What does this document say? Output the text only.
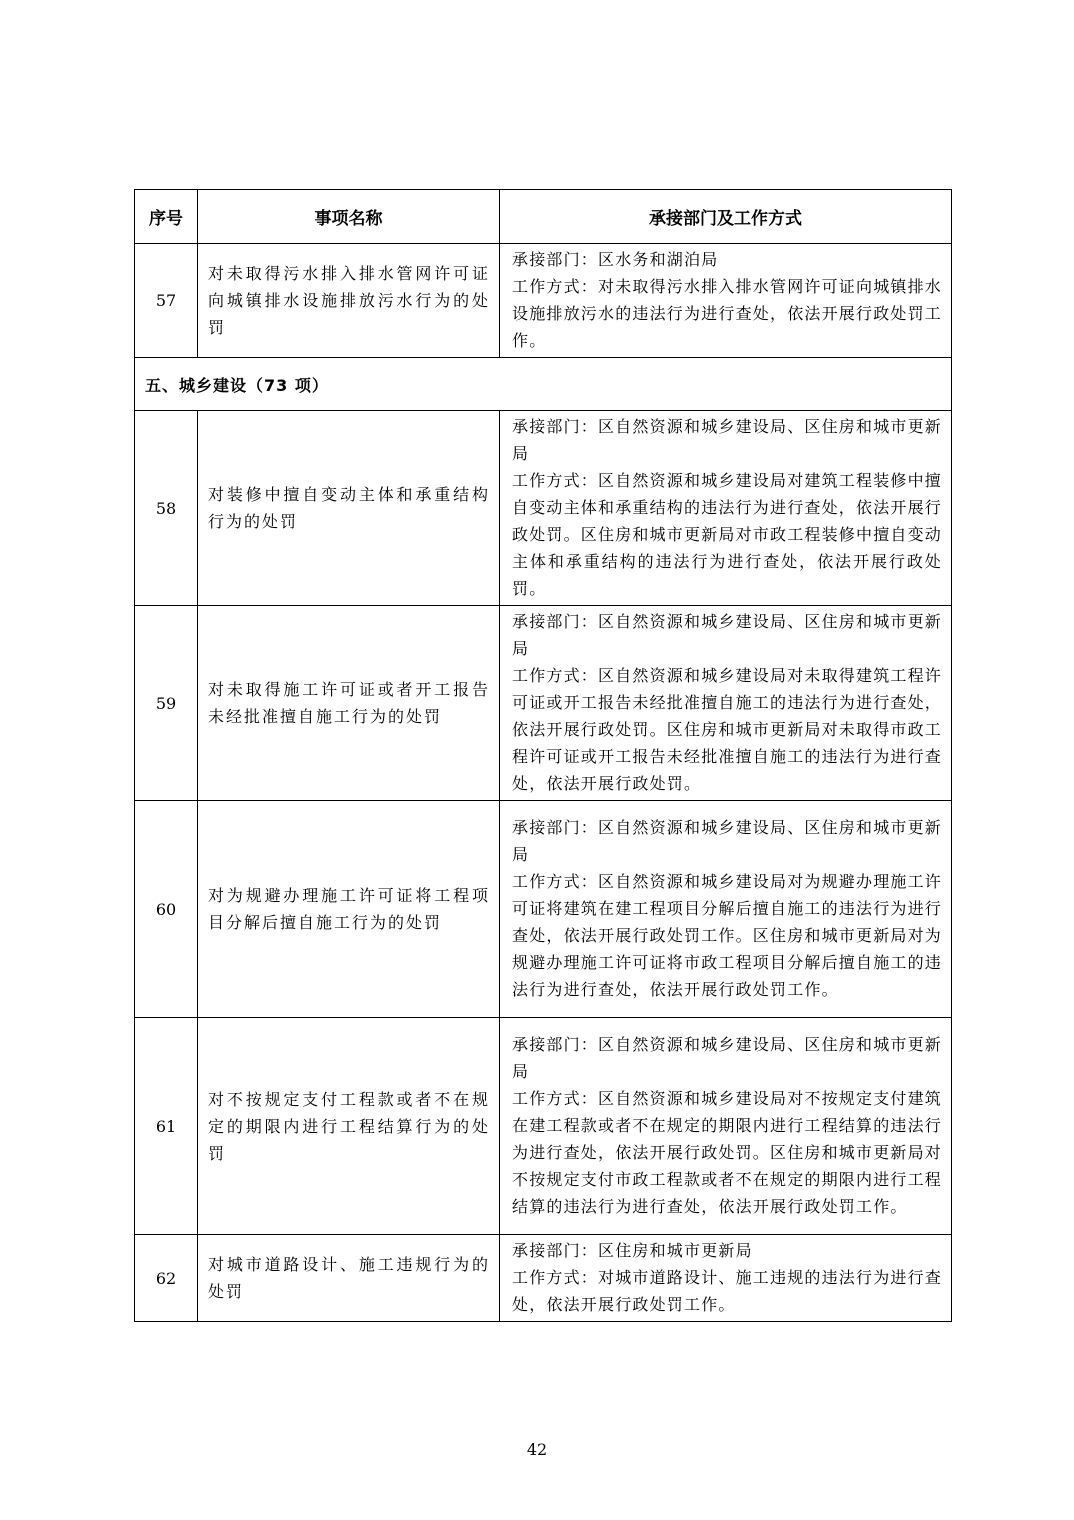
序号	事项名称	承接部门及工作方式
57	对未取得污水排入排水管网许可证向城镇排水设施排放污水行为的处罚	承接部门：区水务和湖泊局
工作方式：对未取得污水排入排水管网许可证向城镇排水设施排放污水的违法行为进行查处，依法开展行政处罚工作。

五、城乡建设（73 项）		
58	对装修中擅自变动主体和承重结构行为的处罚	承接部门：区自然资源和城乡建设局、区住房和城市更新局
工作方式：区自然资源和城乡建设局对建筑工程装修中擅自变动主体和承重结构的违法行为进行查处，依法开展行政处罚。区住房和城市更新局对市政工程装修中擅自变动主体和承重结构的违法行为进行查处，依法开展行政处罚。

59	对未取得施工许可证或者开工报告未经批准擅自施工行为的处罚	承接部门：区自然资源和城乡建设局、区住房和城市更新局
工作方式：区自然资源和城乡建设局对未取得建筑工程许可证或开工报告未经批准擅自施工的违法行为进行查处，依法开展行政处罚。区住房和城市更新局对未取得市政工程许可证或开工报告未经批准擅自施工的违法行为进行查处，依法开展行政处罚。

60	对为规避办理施工许可证将工程项目分解后擅自施工行为的处罚	承接部门：区自然资源和城乡建设局、区住房和城市更新局
工作方式：区自然资源和城乡建设局对为规避办理施工许可证将建筑在建工程项目分解后擅自施工的违法行为进行查处，依法开展行政处罚工作。区住房和城市更新局对为规避办理施工许可证将市政工程项目分解后擅自施工的违法行为进行查处，依法开展行政处罚工作。

61	对不按规定支付工程款或者不在规定的期限内进行工程结算行为的处罚	承接部门：区自然资源和城乡建设局、区住房和城市更新局
工作方式：区自然资源和城乡建设局对不按规定支付建筑在建工程款或者不在规定的期限内进行工程结算的违法行为进行查处，依法开展行政处罚。区住房和城市更新局对不按规定支付市政工程款或者不在规定的期限内进行工程结算的违法行为进行查处，依法开展行政处罚工作。

62	对城市道路设计、施工违规行为的处罚	承接部门：区住房和城市更新局
工作方式：对城市道路设计、施工违规的违法行为进行查处，依法开展行政处罚工作。
42
